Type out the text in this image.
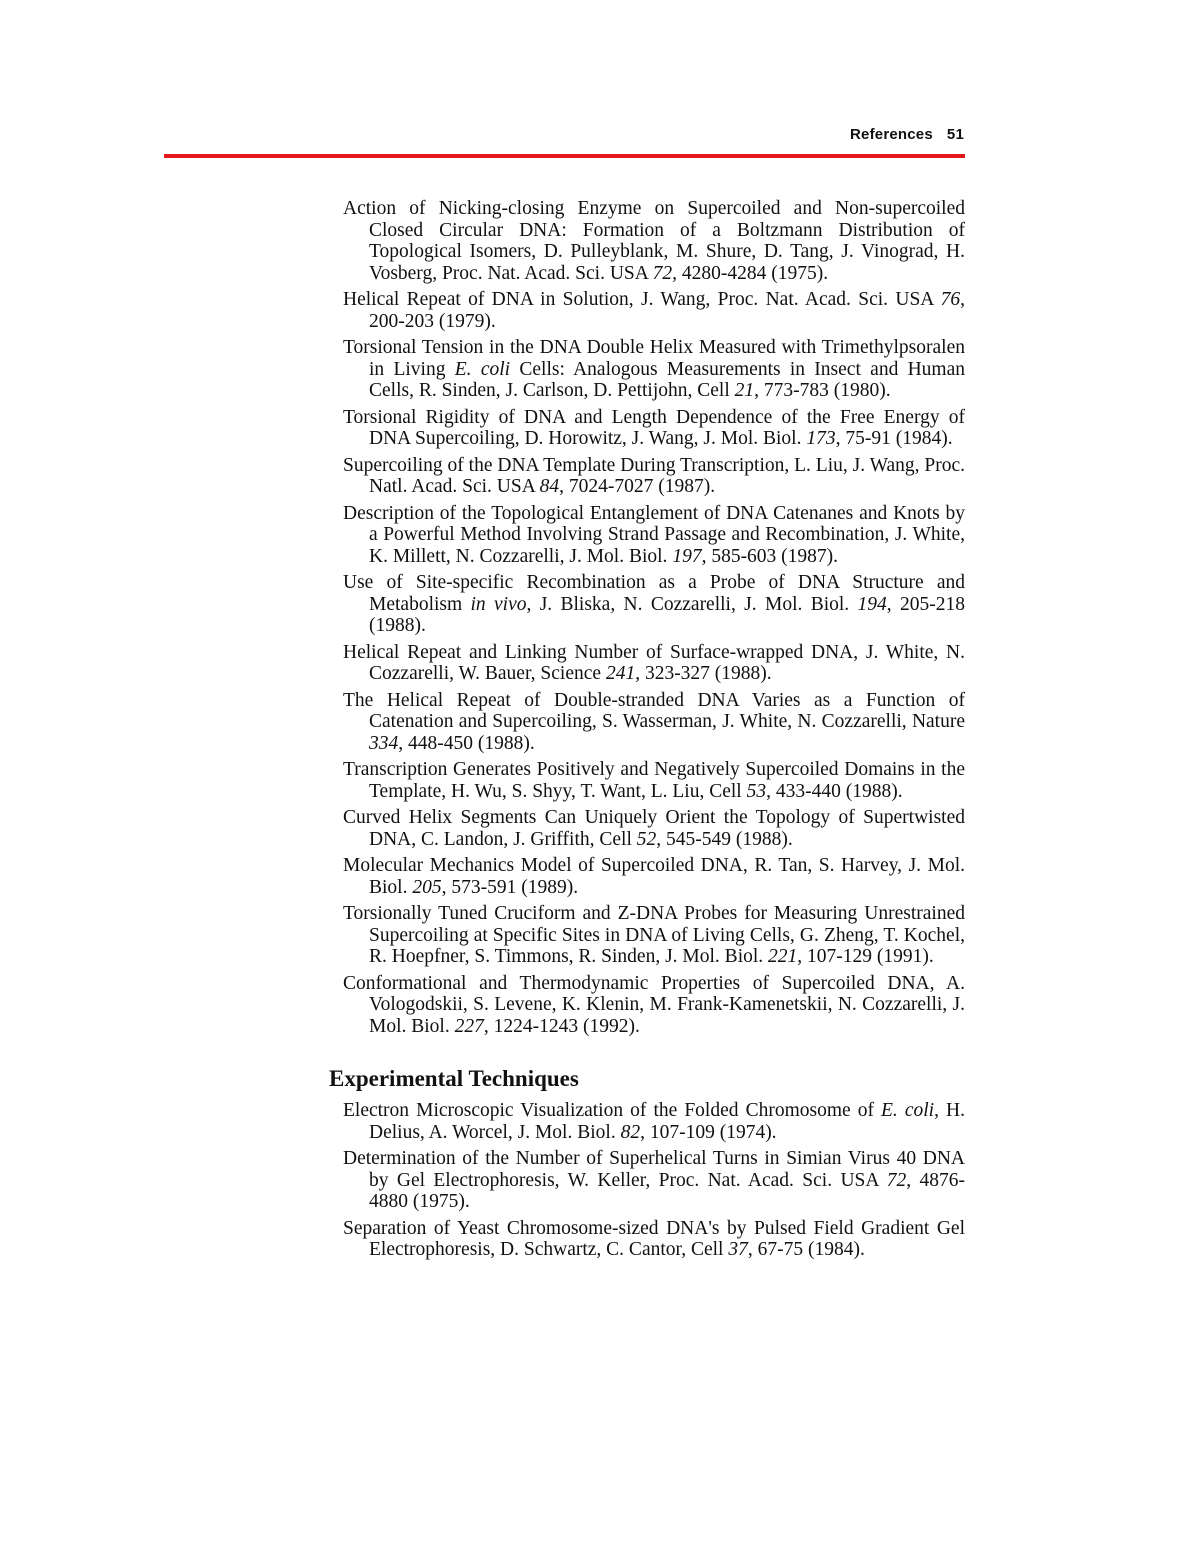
References 51
Action of Nicking-closing Enzyme on Supercoiled and Non-supercoiled Closed Circular DNA: Formation of a Boltzmann Distribution of Topological Isomers, D. Pulleyblank, M. Shure, D. Tang, J. Vinograd, H. Vosberg, Proc. Nat. Acad. Sci. USA 72, 4280-4284 (1975).
Helical Repeat of DNA in Solution, J. Wang, Proc. Nat. Acad. Sci. USA 76, 200-203 (1979).
Torsional Tension in the DNA Double Helix Measured with Trimethylpsoralen in Living E. coli Cells: Analogous Measurements in Insect and Human Cells, R. Sinden, J. Carlson, D. Pettijohn, Cell 21, 773-783 (1980).
Torsional Rigidity of DNA and Length Dependence of the Free Energy of DNA Supercoiling, D. Horowitz, J. Wang, J. Mol. Biol. 173, 75-91 (1984).
Supercoiling of the DNA Template During Transcription, L. Liu, J. Wang, Proc. Natl. Acad. Sci. USA 84, 7024-7027 (1987).
Description of the Topological Entanglement of DNA Catenanes and Knots by a Powerful Method Involving Strand Passage and Recombination, J. White, K. Millett, N. Cozzarelli, J. Mol. Biol. 197, 585-603 (1987).
Use of Site-specific Recombination as a Probe of DNA Structure and Metabolism in vivo, J. Bliska, N. Cozzarelli, J. Mol. Biol. 194, 205-218 (1988).
Helical Repeat and Linking Number of Surface-wrapped DNA, J. White, N. Cozzarelli, W. Bauer, Science 241, 323-327 (1988).
The Helical Repeat of Double-stranded DNA Varies as a Function of Catenation and Supercoiling, S. Wasserman, J. White, N. Cozzarelli, Nature 334, 448-450 (1988).
Transcription Generates Positively and Negatively Supercoiled Domains in the Template, H. Wu, S. Shyy, T. Want, L. Liu, Cell 53, 433-440 (1988).
Curved Helix Segments Can Uniquely Orient the Topology of Supertwisted DNA, C. Landon, J. Griffith, Cell 52, 545-549 (1988).
Molecular Mechanics Model of Supercoiled DNA, R. Tan, S. Harvey, J. Mol. Biol. 205, 573-591 (1989).
Torsionally Tuned Cruciform and Z-DNA Probes for Measuring Unrestrained Supercoiling at Specific Sites in DNA of Living Cells, G. Zheng, T. Kochel, R. Hoepfner, S. Timmons, R. Sinden, J. Mol. Biol. 221, 107-129 (1991).
Conformational and Thermodynamic Properties of Supercoiled DNA, A. Vologodskii, S. Levene, K. Klenin, M. Frank-Kamenetskii, N. Cozzarelli, J. Mol. Biol. 227, 1224-1243 (1992).
Experimental Techniques
Electron Microscopic Visualization of the Folded Chromosome of E. coli, H. Delius, A. Worcel, J. Mol. Biol. 82, 107-109 (1974).
Determination of the Number of Superhelical Turns in Simian Virus 40 DNA by Gel Electrophoresis, W. Keller, Proc. Nat. Acad. Sci. USA 72, 4876-4880 (1975).
Separation of Yeast Chromosome-sized DNA's by Pulsed Field Gradient Gel Electrophoresis, D. Schwartz, C. Cantor, Cell 37, 67-75 (1984).
